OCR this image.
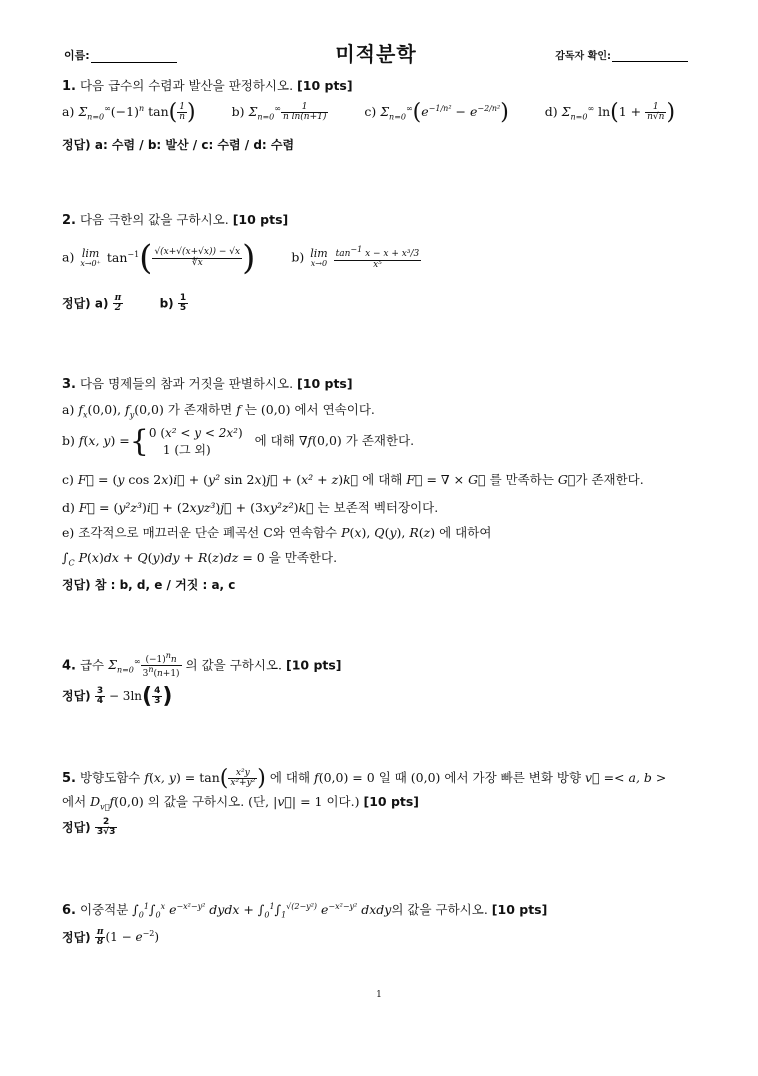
이름:	미적분학	감독자 확인:
1. 다음 급수의 수렴과 발산을 판정하시오. [10 pts]
a) $\Sigma_{n=0}^\infty(-1)^n$ $\tan( \frac{1}{n}$ )	b) $\Sigma_{n=0}^\infty \frac{1}{\text{n ln(n+1)}}$	c) $\Sigma_{n=0}^\infty(e^{-1/n^2} - e^{-2/n^2})$	d) $\Sigma_{n=0}^\infty$ $\ln(1 + \frac{1}{n√n}$ )
정답) a: 수렴 / b: 발산 / c: 수렴 / d: 수렴
2. 다음 극한의 값을 구하시오. [10 pts]
a) lim
x→0⁺ $\tan^{-1}( \frac{√(x+√(x+√x)) - √x}{∜x}$ )	b) lim
x→0
$\frac{\text{tan−1 x − x + x³/3}}{\text{x⁵}}$
정답) $a) \frac{\pi}{2}$	$b) \frac{1}{5}$
3. 다음 명제들의 참과 거짓을 판별하시오. [10 pts]
a) $f_x(0,0)$, $f_y(0,0)$ 가 존재하면 f 는 (0,0) 에서 연속이다.
b) f(x, y) ={ 0 (x² < y < 2x²)
1 (그 외)
에 대해 ∇f(0,0) 가 존재한다.
c) F⃗ = (y cos 2x)i⃗ + (y² sin 2x)j⃗ + (x² + z)k⃗ 에 대해 F⃗ = ∇ × G⃗ 를 만족하는 G⃗가 존재한다.
d) F⃗ = (y²z³)i⃗ + (2xyz³)j⃗ + (3xy²z²)k⃗ 는 보존적 벡터장이다.
e) 조각적으로 매끄러운 단순 폐곡선 C와 연속함수 P(x), Q(y), R(z) 에 대하여
$\int_C$ P(x)dx + Q(y)dy + R(z)dz = 0 을 만족한다.
정답) 참 : b, d, e / 거짓 : a, c
4. 급수 $\Sigma_{n=0}^\infty \frac{(-1)nn}{3n(n+1)}$ 의 값을 구하시오. [10 pts]
정답) $\frac{3}{4} - 3\ln( \frac{4}{3}$ )
5. 방향도함수 f(x, $y) = \tan( \frac{\text{x²y}}{\text{x²+y²}}$ ) 에 대해 f(0,0) = 0 일 때 (0,0) 에서 가장 빠른 변화 방향 v⃗ =< a, b >
에서 $D_{v⃗}f(0,0)$ 의 값을 구하시오. (단, |v⃗| = 1 이다.) [10 pts]
정답) $\frac{2}{3√3}$
6. 이중적분 $\int_0^1\int_0^x$ $e^{-x^2-y^2}$ dydx + $\int_0^1\int_1^{√(2-y^2)}$ $e^{-x^2-y^2}$ dxdy의 값을 구하시오. [10 pts]
정답) $\frac{\pi}{8} (1 - e^{-2})$
1
